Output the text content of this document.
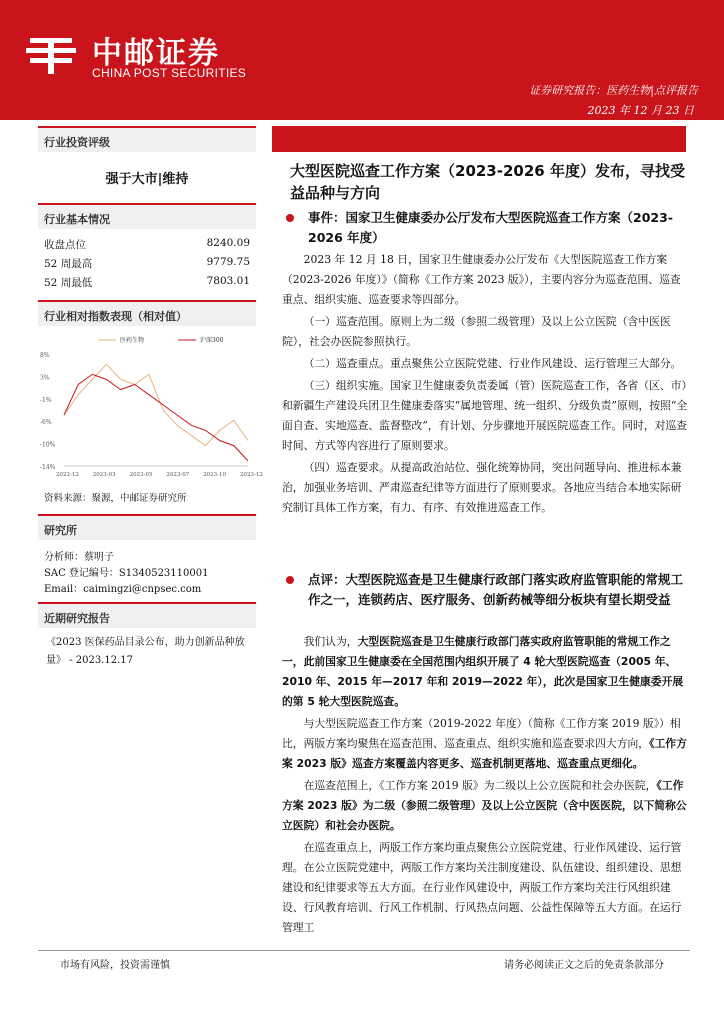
中邮证券
CHINA POST SECURITIES
证券研究报告：医药生物|点评报告
2023 年 12 月 23 日
行业投资评级
强于大市|维持
行业基本情况
收盘点位	8240.09
52 周最高	9779.75
52 周最低	7803.01
行业相对指数表现（相对值）
8%
3%
-1%
-6%
-10%
-14%
2022-12	2023-03	2023-05	2023-07	2023-10	2023-12
医药生物	沪深300
资料来源：聚源，中邮证券研究所
研究所
分析师：蔡明子
SAC 登记编号：S1340523110001
Email：caimingzi@cnpsec.com
近期研究报告
《2023 医保药品目录公布，助力创新品种放量》 - 2023.12.17
大型医院巡查工作方案（2023-2026 年度）发布，寻找受益品种与方向
事件：国家卫生健康委办公厅发布大型医院巡查工作方案（2023-2026 年度）

2023 年 12 月 18 日，国家卫生健康委办公厅发布《大型医院巡查工作方案（2023-2026 年度）》（简称《工作方案 2023 版》），主要内容分为巡查范围、巡查重点、组织实施、巡查要求等四部分。

（一）巡查范围。原则上为二级（参照二级管理）及以上公立医院（含中医医院），社会办医院参照执行。

（二）巡查重点。重点聚焦公立医院党建、行业作风建设、运行管理三大部分。

（三）组织实施。国家卫生健康委负责委属（管）医院巡查工作，各省（区、市）和新疆生产建设兵团卫生健康委落实“属地管理、统一组织、分级负责”原则，按照“全面自查、实地巡查、监督整改”，有计划、分步骤地开展医院巡查工作。同时，对巡查时间、方式等内容进行了原则要求。

（四）巡查要求。从提高政治站位、强化统筹协同，突出问题导向、推进标本兼治，加强业务培训、严肃巡查纪律等方面进行了原则要求。各地应当结合本地实际研究制订具体工作方案，有力、有序、有效推进巡查工作。

点评：大型医院巡查是卫生健康行政部门落实政府监管职能的常规工作之一，连锁药店、医疗服务、创新药械等细分板块有望长期受益

我们认为，大型医院巡查是卫生健康行政部门落实政府监管职能的常规工作之一，此前国家卫生健康委在全国范围内组织开展了 4 轮大型医院巡查（2005 年、2010 年、2015 年—2017 年和 2019—2022 年），此次是国家卫生健康委开展的第 5 轮大型医院巡查。

与大型医院巡查工作方案（2019-2022 年度）（简称《工作方案 2019 版》）相比，两版方案均聚焦在巡查范围、巡查重点、组织实施和巡查要求四大方向，《工作方案 2023 版》巡查方案覆盖内容更多、巡查机制更落地、巡查重点更细化。

在巡查范围上，《工作方案 2019 版》为二级以上公立医院和社会办医院，《工作方案 2023 版》为二级（参照二级管理）及以上公立医院（含中医医院，以下简称公立医院）和社会办医院。

在巡查重点上，两版工作方案均重点聚焦公立医院党建、行业作风建设、运行管理。在公立医院党建中，两版工作方案均关注制度建设、队伍建设、组织建设、思想建设和纪律要求等五大方面。在行业作风建设中，两版工作方案均关注行风组织建设、行风教育培训、行风工作机制、行风热点问题、公益性保障等五大方面。在运行管理工

市场有风险，投资需谨慎	请务必阅读正文之后的免责条款部分
